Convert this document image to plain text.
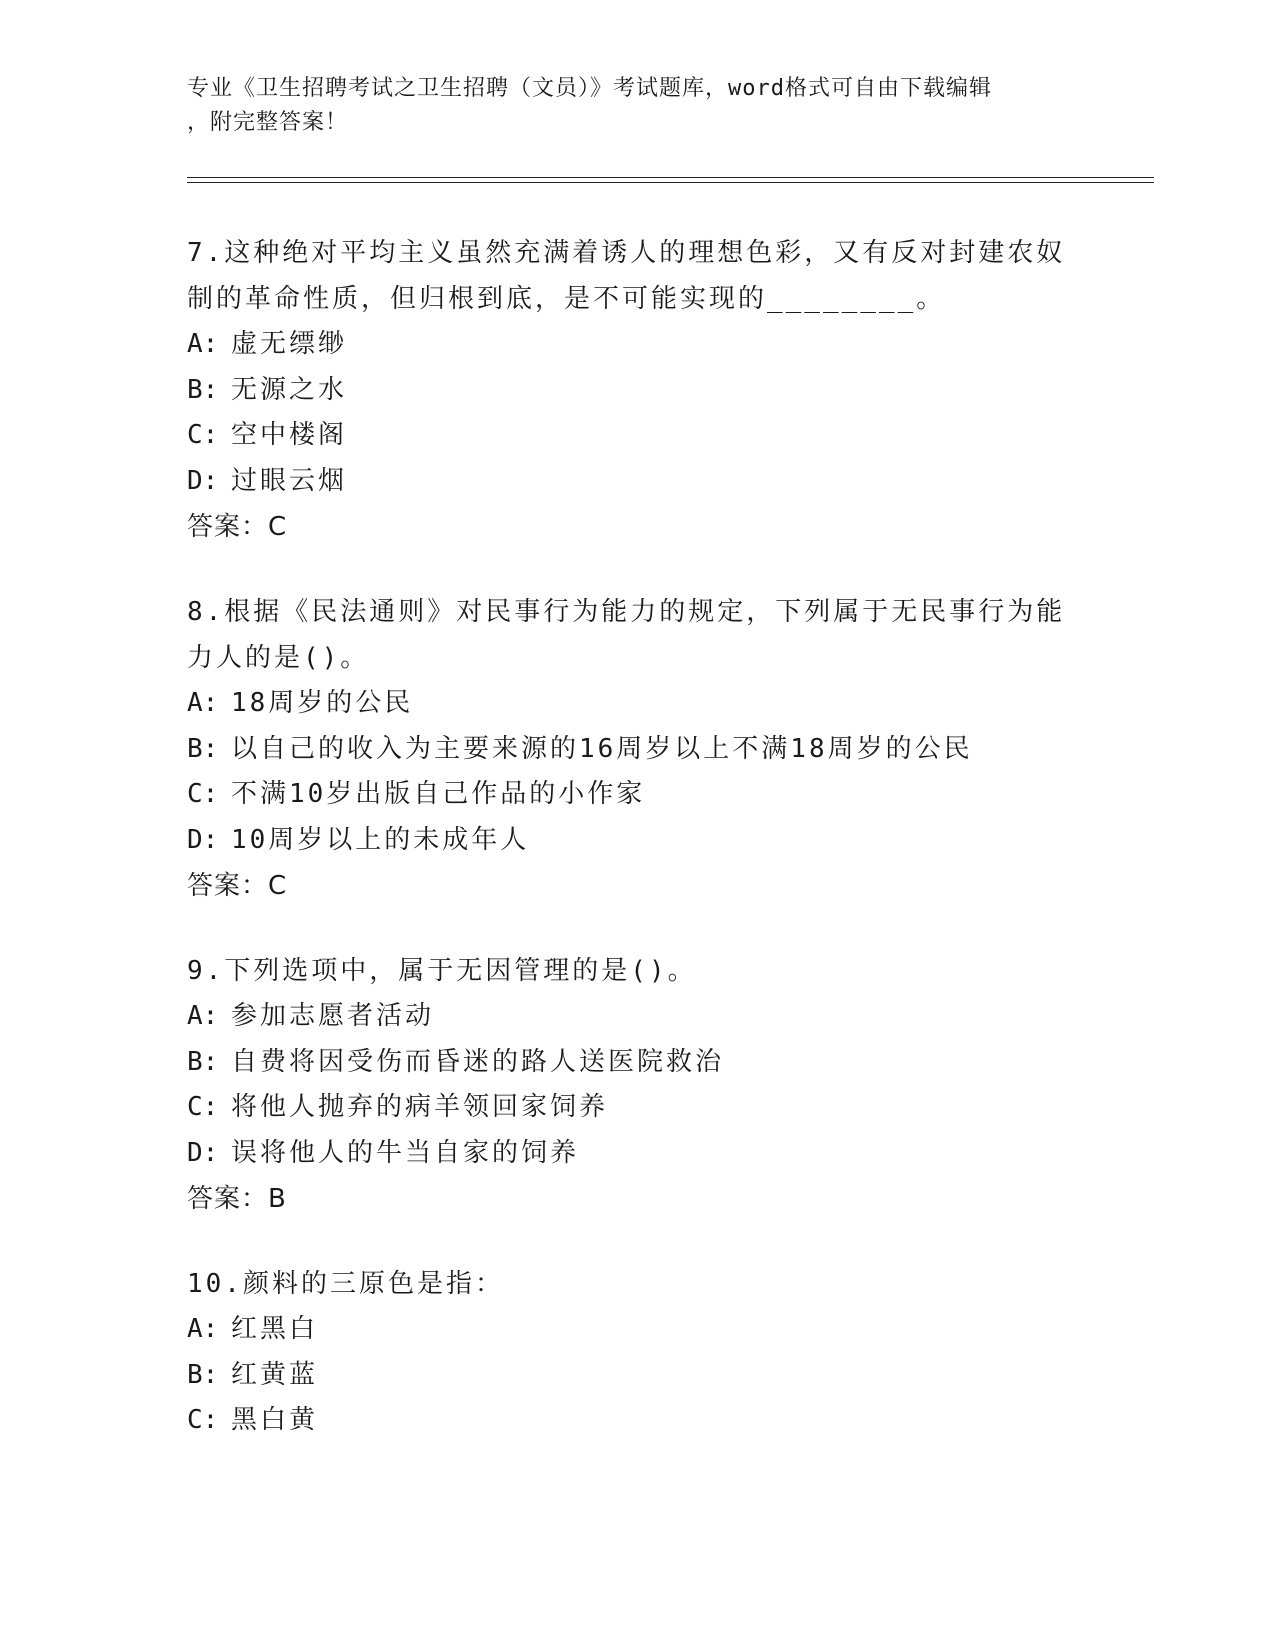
专业《卫生招聘考试之卫生招聘（文员）》考试题库，word格式可自由下载编辑
，附完整答案！
7.这种绝对平均主义虽然充满着诱人的理想色彩，又有反对封建农奴
制的革命性质，但归根到底，是不可能实现的________。
A: 虚无缥缈
B: 无源之水
C: 空中楼阁
D: 过眼云烟
答案：C
8.根据《民法通则》对民事行为能力的规定，下列属于无民事行为能
力人的是()。
A: 18周岁的公民
B: 以自己的收入为主要来源的16周岁以上不满18周岁的公民
C: 不满10岁出版自己作品的小作家
D: 10周岁以上的未成年人
答案：C
9.下列选项中，属于无因管理的是()。
A: 参加志愿者活动
B: 自费将因受伤而昏迷的路人送医院救治
C: 将他人抛弃的病羊领回家饲养
D: 误将他人的牛当自家的饲养
答案：B
10.颜料的三原色是指：
A: 红黑白
B: 红黄蓝
C: 黑白黄
